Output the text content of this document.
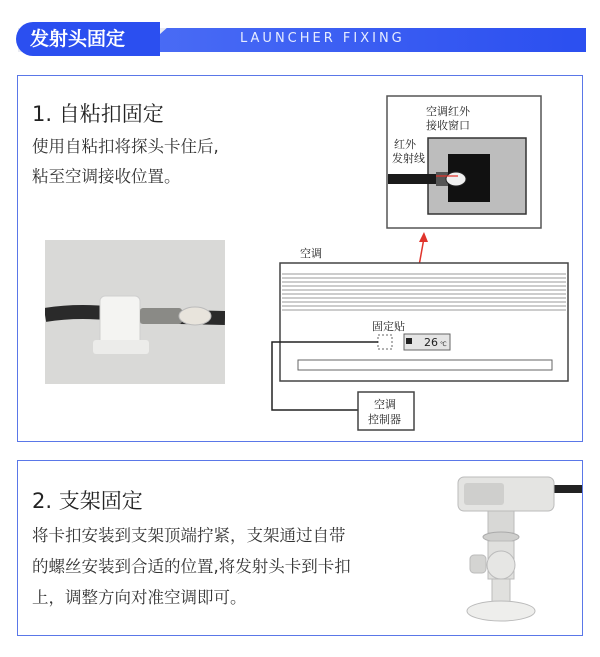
发射头固定	LAUNCHER FIXING
1. 自粘扣固定
使用自粘扣将探头卡住后,
粘至空调接收位置。
空调红外
接收窗口
红外
发射线
空调
固定贴
26 ℃
空调
控制器
2. 支架固定
将卡扣安装到支架顶端拧紧，支架通过自带
的螺丝安装到合适的位置,将发射头卡到卡扣
上，调整方向对准空调即可。
